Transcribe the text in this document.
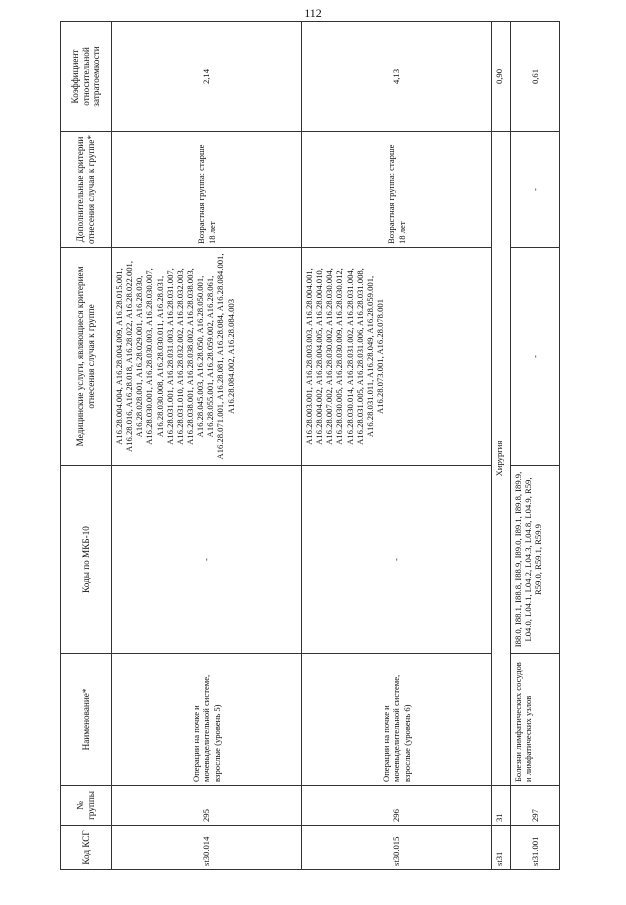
112
Код КСГ	№ группы	Наименование*	Коды по МКБ-10	Медицинские услуги, являющиеся критерием отнесения случая к группе	Дополнительные критерии отнесения случая к группе*	Коэффициент относительной затратоемкости
st30.014	295	Операции на почке и мочевыделительной системе, взрослые (уровень 5)	-	A16.28.004.004, A16.28.004.009, A16.28.015.001, A16.28.016, A16.28.018, A16.28.022, A16.28.022.001, A16.28.028.001, A16.28.029.001, A16.28.030, A16.28.030.001, A16.28.030.003, A16.28.030.007, A16.28.030.008, A16.28.030.011, A16.28.031, A16.28.031.001, A16.28.031.003, A16.28.031.007, A16.28.031.010, A16.28.032.002, A16.28.032.003, A16.28.038.001, A16.28.038.002, A16.28.038.003, A16.28.045.003, A16.28.050, A16.28.050.001, A16.28.055.001, A16.28.059.002, A16.28.061, A16.28.071.001, A16.28.081, A16.28.084, A16.28.084.001, A16.28.084.002, A16.28.084.003	Возрастная группа: старше 18 лет	2,14
st30.015	296	Операции на почке и мочевыделительной системе, взрослые (уровень 6)	-	A16.28.003.001, A16.28.003.003, A16.28.004.001, A16.28.004.002, A16.28.004.005, A16.28.004.010, A16.28.007.002, A16.28.030.002, A16.28.030.004, A16.28.030.005, A16.28.030.009, A16.28.030.012, A16.28.030.014, A16.28.031.002, A16.28.031.004, A16.28.031.005, A16.28.031.006, A16.28.031.008, A16.28.031.011, A16.28.049, A16.28.059.001, A16.28.073.001, A16.28.078.001	Возрастная группа: старше 18 лет	4,13
st31	31	Хирургия				0,90
st31.001	297	Болезни лимфатических сосудов и лимфатических узлов	I88.0, I88.1, I88.8, I88.9, I89.0, I89.1, I89.8, I89.9, L04.0, L04.1, L04.2, L04.3, L04.8, L04.9, R59, R59.0, R59.1, R59.9	-	-	0,61
